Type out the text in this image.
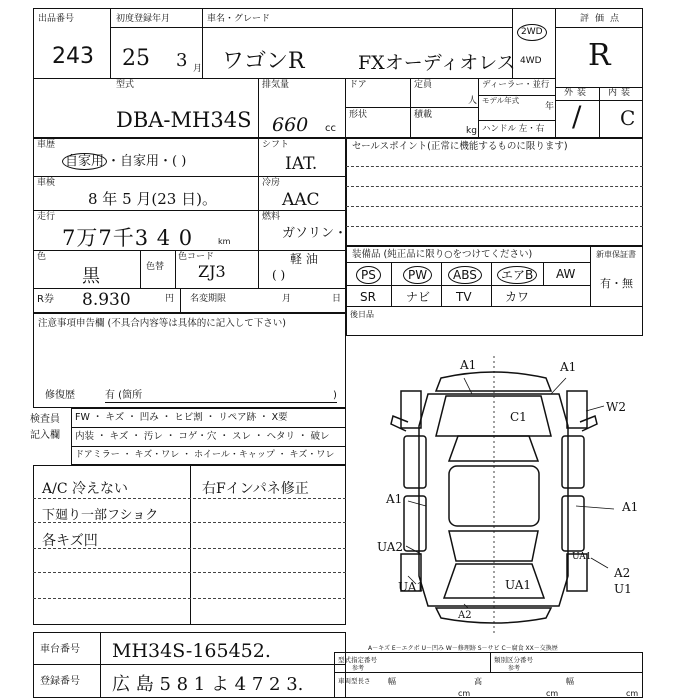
出品番号
243
初度登録年月
25 3 月
車名・グレード
ワゴンR	FXオーディオレス
2WD
4WD
評価点
R
型式
DBA-MH34S
排気量
660 cc
ドア	定員
人
形状	積載
kg
ディーラー・並行
モデル年式
年
ハンドル 左・右
外装 内装
/ C
車歴
自家用 ・自家用・( )
シフト
IAT.
車検
8 年 5 月(23 日)。
冷房
AAC
走行
7万7千3 4 0	km
燃料
ガソリン・
軽 油
( )
色
黒	色替
色コード
ZJ3
R券 8.930	円 名変期限	月	日
セールスポイント(正常に機能するものに限ります)
装備品 (純正品に限り○をつけてください)	新車保証書
有・無
PS	PW	ABS	エアB	AW
SR	ナビ TV	カワ
後日品
注意事項申告欄 (不具合内容等は具体的に記入して下さい)
修復歴	有 (箇所	)
検査員
記入欄
FW ・ キズ ・ 凹み ・ ヒビ割 ・ リペア跡 ・ X要
内装 ・ キズ ・ 汚レ ・ コゲ・穴 ・ スレ ・ ヘタリ ・ 破レ
ドアミラー ・ キズ・ワレ ・ ホイール・キャップ ・ キズ・ワレ
A/C 冷えない
下廻り一部フショク
各キズ凹
右Fインパネ修正
A1	A1
C1
W2
A1
A1
UA2
UA1
A2
U1
UA1
UA1
A2
A－キズ E－エクボ U－凹み W－修理跡 S－サビ C－腐食 XX－交換歴
車台番号 MH34S-165452.
登録番号 広 島 5 8 1 よ 4 7 2 3.
型式指定番号
参考
類別区分番号
参考
車両型長さ 幅
cm
高
cm
幅
cm
